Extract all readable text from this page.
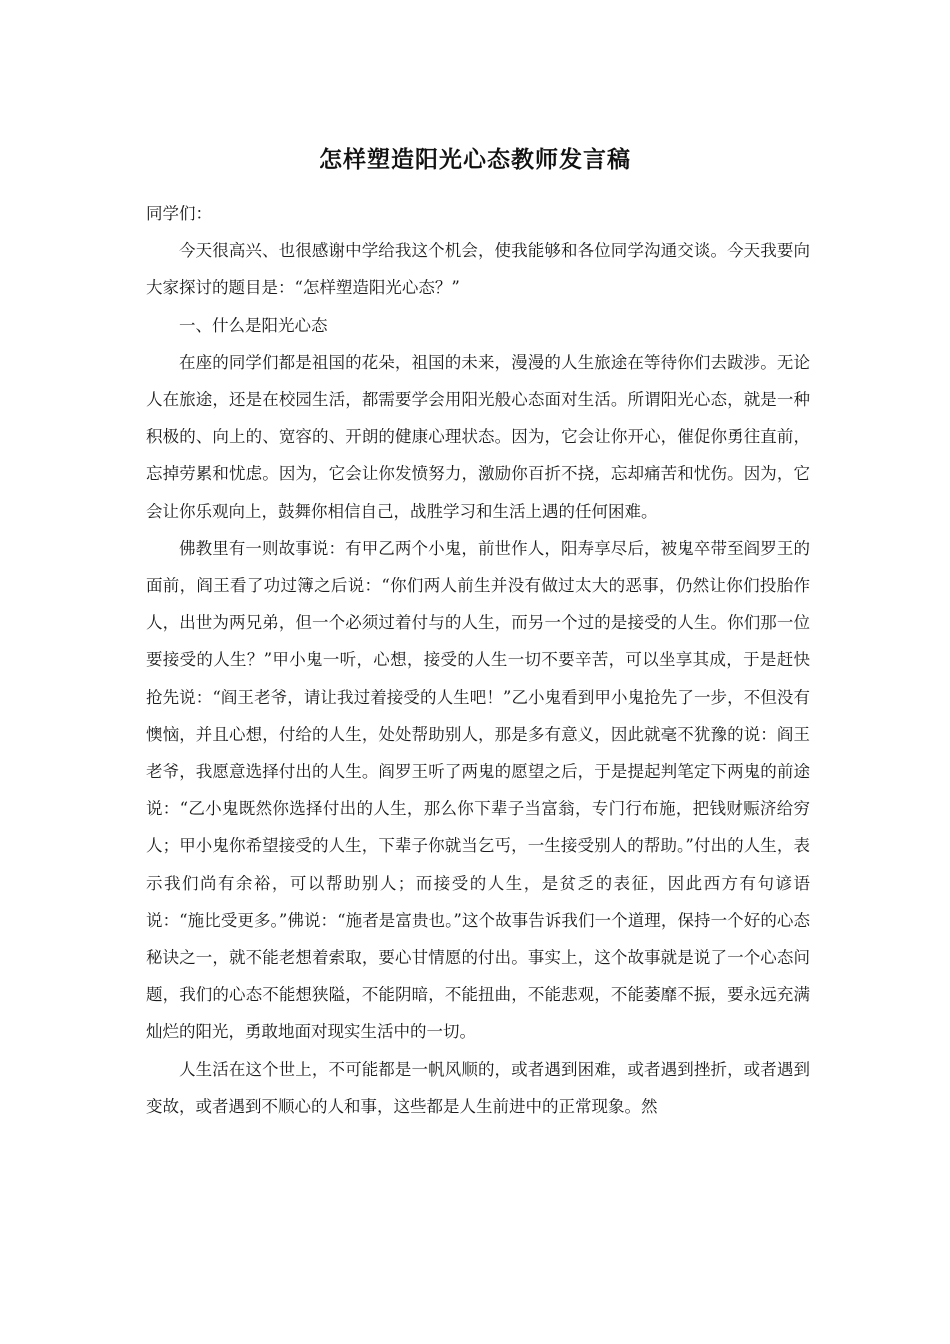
怎样塑造阳光心态教师发言稿

同学们：

今天很高兴、也很感谢中学给我这个机会，使我能够和各位同学沟通交谈。今天我要向大家探讨的题目是：“怎样塑造阳光心态？”

一、什么是阳光心态

在座的同学们都是祖国的花朵，祖国的未来，漫漫的人生旅途在等待你们去跋涉。无论人在旅途，还是在校园生活，都需要学会用阳光般心态面对生活。所谓阳光心态，就是一种积极的、向上的、宽容的、开朗的健康心理状态。因为，它会让你开心，催促你勇往直前，忘掉劳累和忧虑。因为，它会让你发愤努力，激励你百折不挠，忘却痛苦和忧伤。因为，它会让你乐观向上，鼓舞你相信自己，战胜学习和生活上遇的任何困难。

佛教里有一则故事说：有甲乙两个小鬼，前世作人，阳寿享尽后，被鬼卒带至阎罗王的面前，阎王看了功过簿之后说：“你们两人前生并没有做过太大的恶事，仍然让你们投胎作人，出世为两兄弟，但一个必须过着付与的人生，而另一个过的是接受的人生。你们那一位要接受的人生？”甲小鬼一听，心想，接受的人生一切不要辛苦，可以坐享其成，于是赶快抢先说：“阎王老爷，请让我过着接受的人生吧！”乙小鬼看到甲小鬼抢先了一步，不但没有懊恼，并且心想，付给的人生，处处帮助别人，那是多有意义，因此就毫不犹豫的说：阎王老爷，我愿意选择付出的人生。阎罗王听了两鬼的愿望之后，于是提起判笔定下两鬼的前途说：“乙小鬼既然你选择付出的人生，那么你下辈子当富翁，专门行布施，把钱财赈济给穷人；甲小鬼你希望接受的人生，下辈子你就当乞丐，一生接受别人的帮助。”付出的人生，表示我们尚有余裕，可以帮助别人；而接受的人生，是贫乏的表征，因此西方有句谚语说：“施比受更多。”佛说：“施者是富贵也。”这个故事告诉我们一个道理，保持一个好的心态秘诀之一，就不能老想着索取，要心甘情愿的付出。事实上，这个故事就是说了一个心态问题，我们的心态不能想狭隘，不能阴暗，不能扭曲，不能悲观，不能萎靡不振，要永远充满灿烂的阳光，勇敢地面对现实生活中的一切。

人生活在这个世上，不可能都是一帆风顺的，或者遇到困难，或者遇到挫折，或者遇到变故，或者遇到不顺心的人和事，这些都是人生前进中的正常现象。然
